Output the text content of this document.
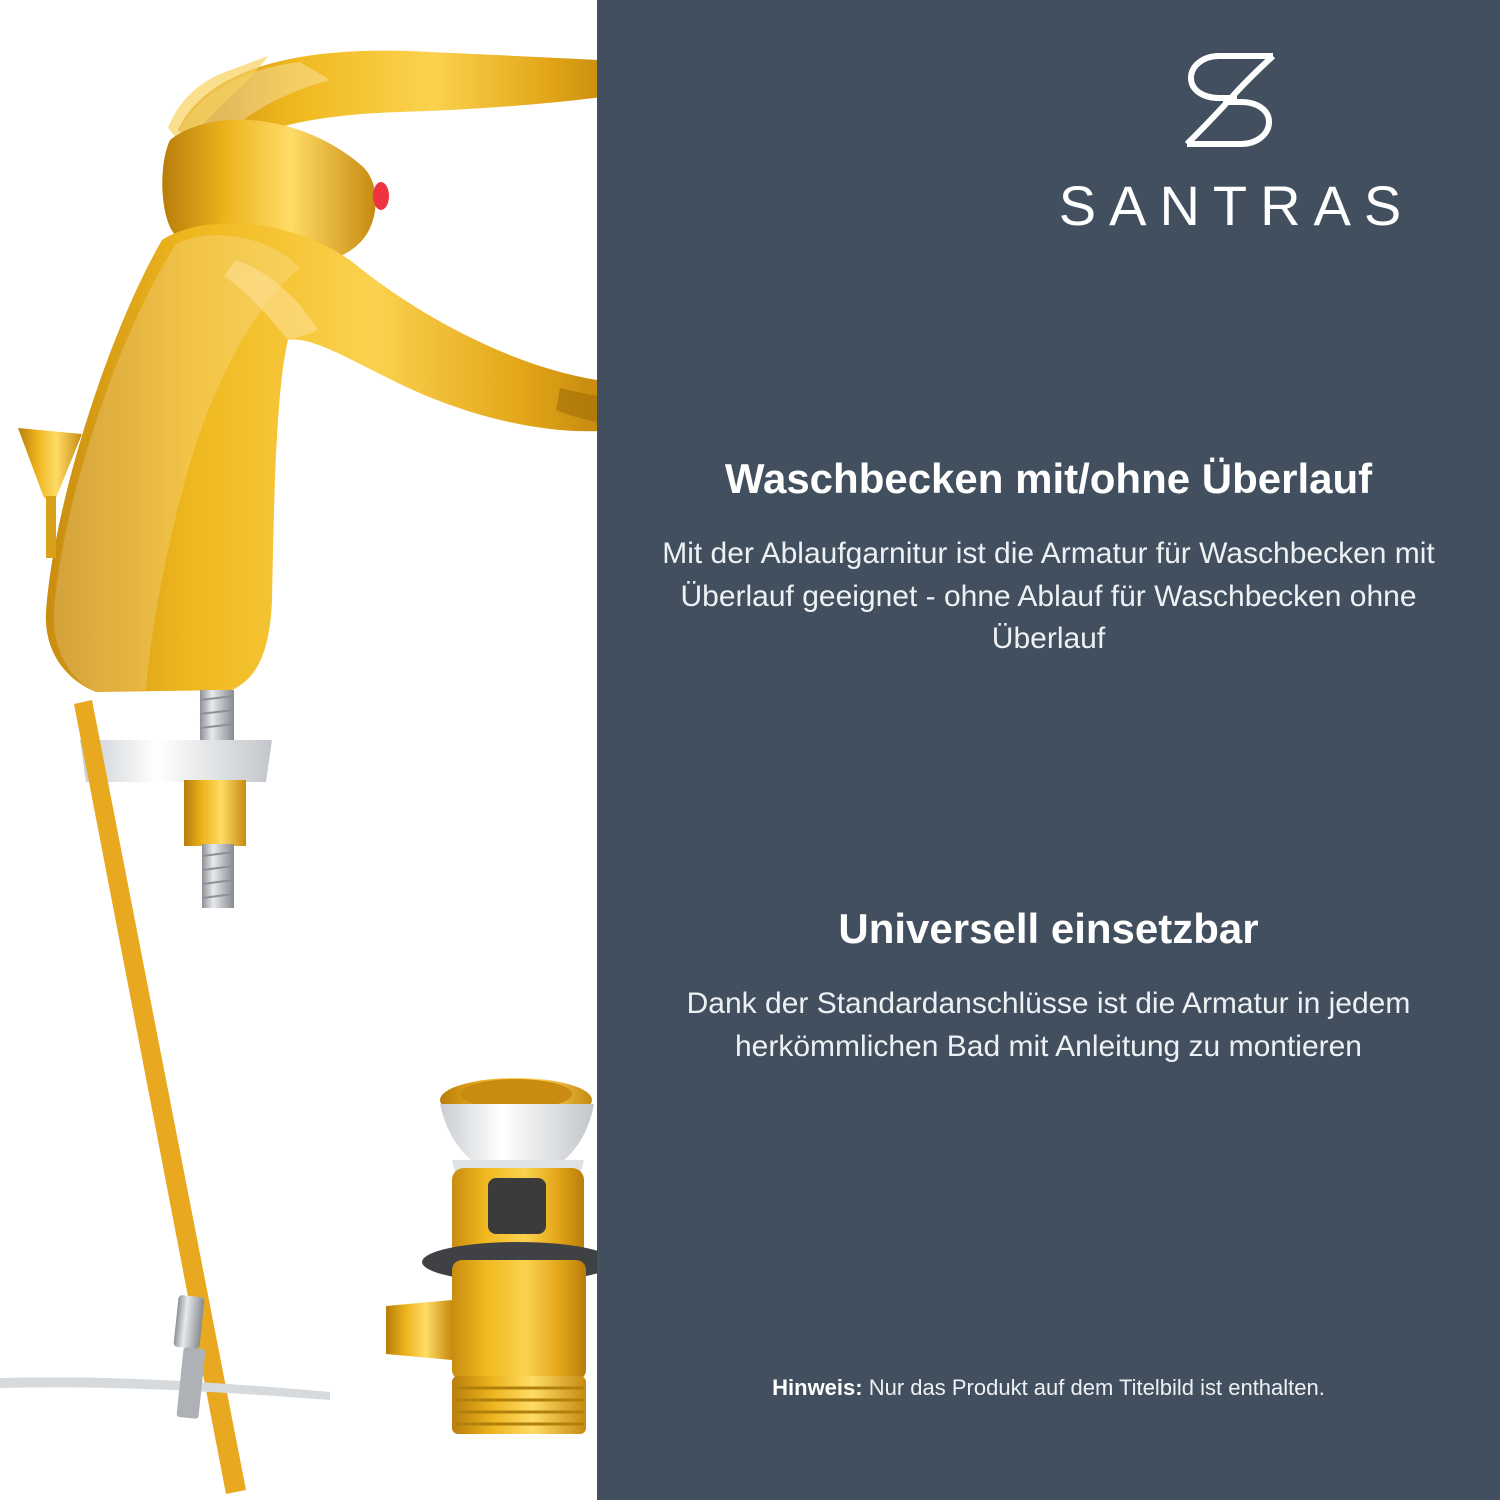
SANTRAS
Waschbecken mit/ohne Überlauf

Mit der Ablaufgarnitur ist die Armatur für Waschbecken mit Überlauf geeignet - ohne Ablauf für Waschbecken ohne Überlauf

Universell einsetzbar

Dank der Standardanschlüsse ist die Armatur in jedem herkömmlichen Bad mit Anleitung zu montieren

Hinweis: Nur das Produkt auf dem Titelbild ist enthalten.
